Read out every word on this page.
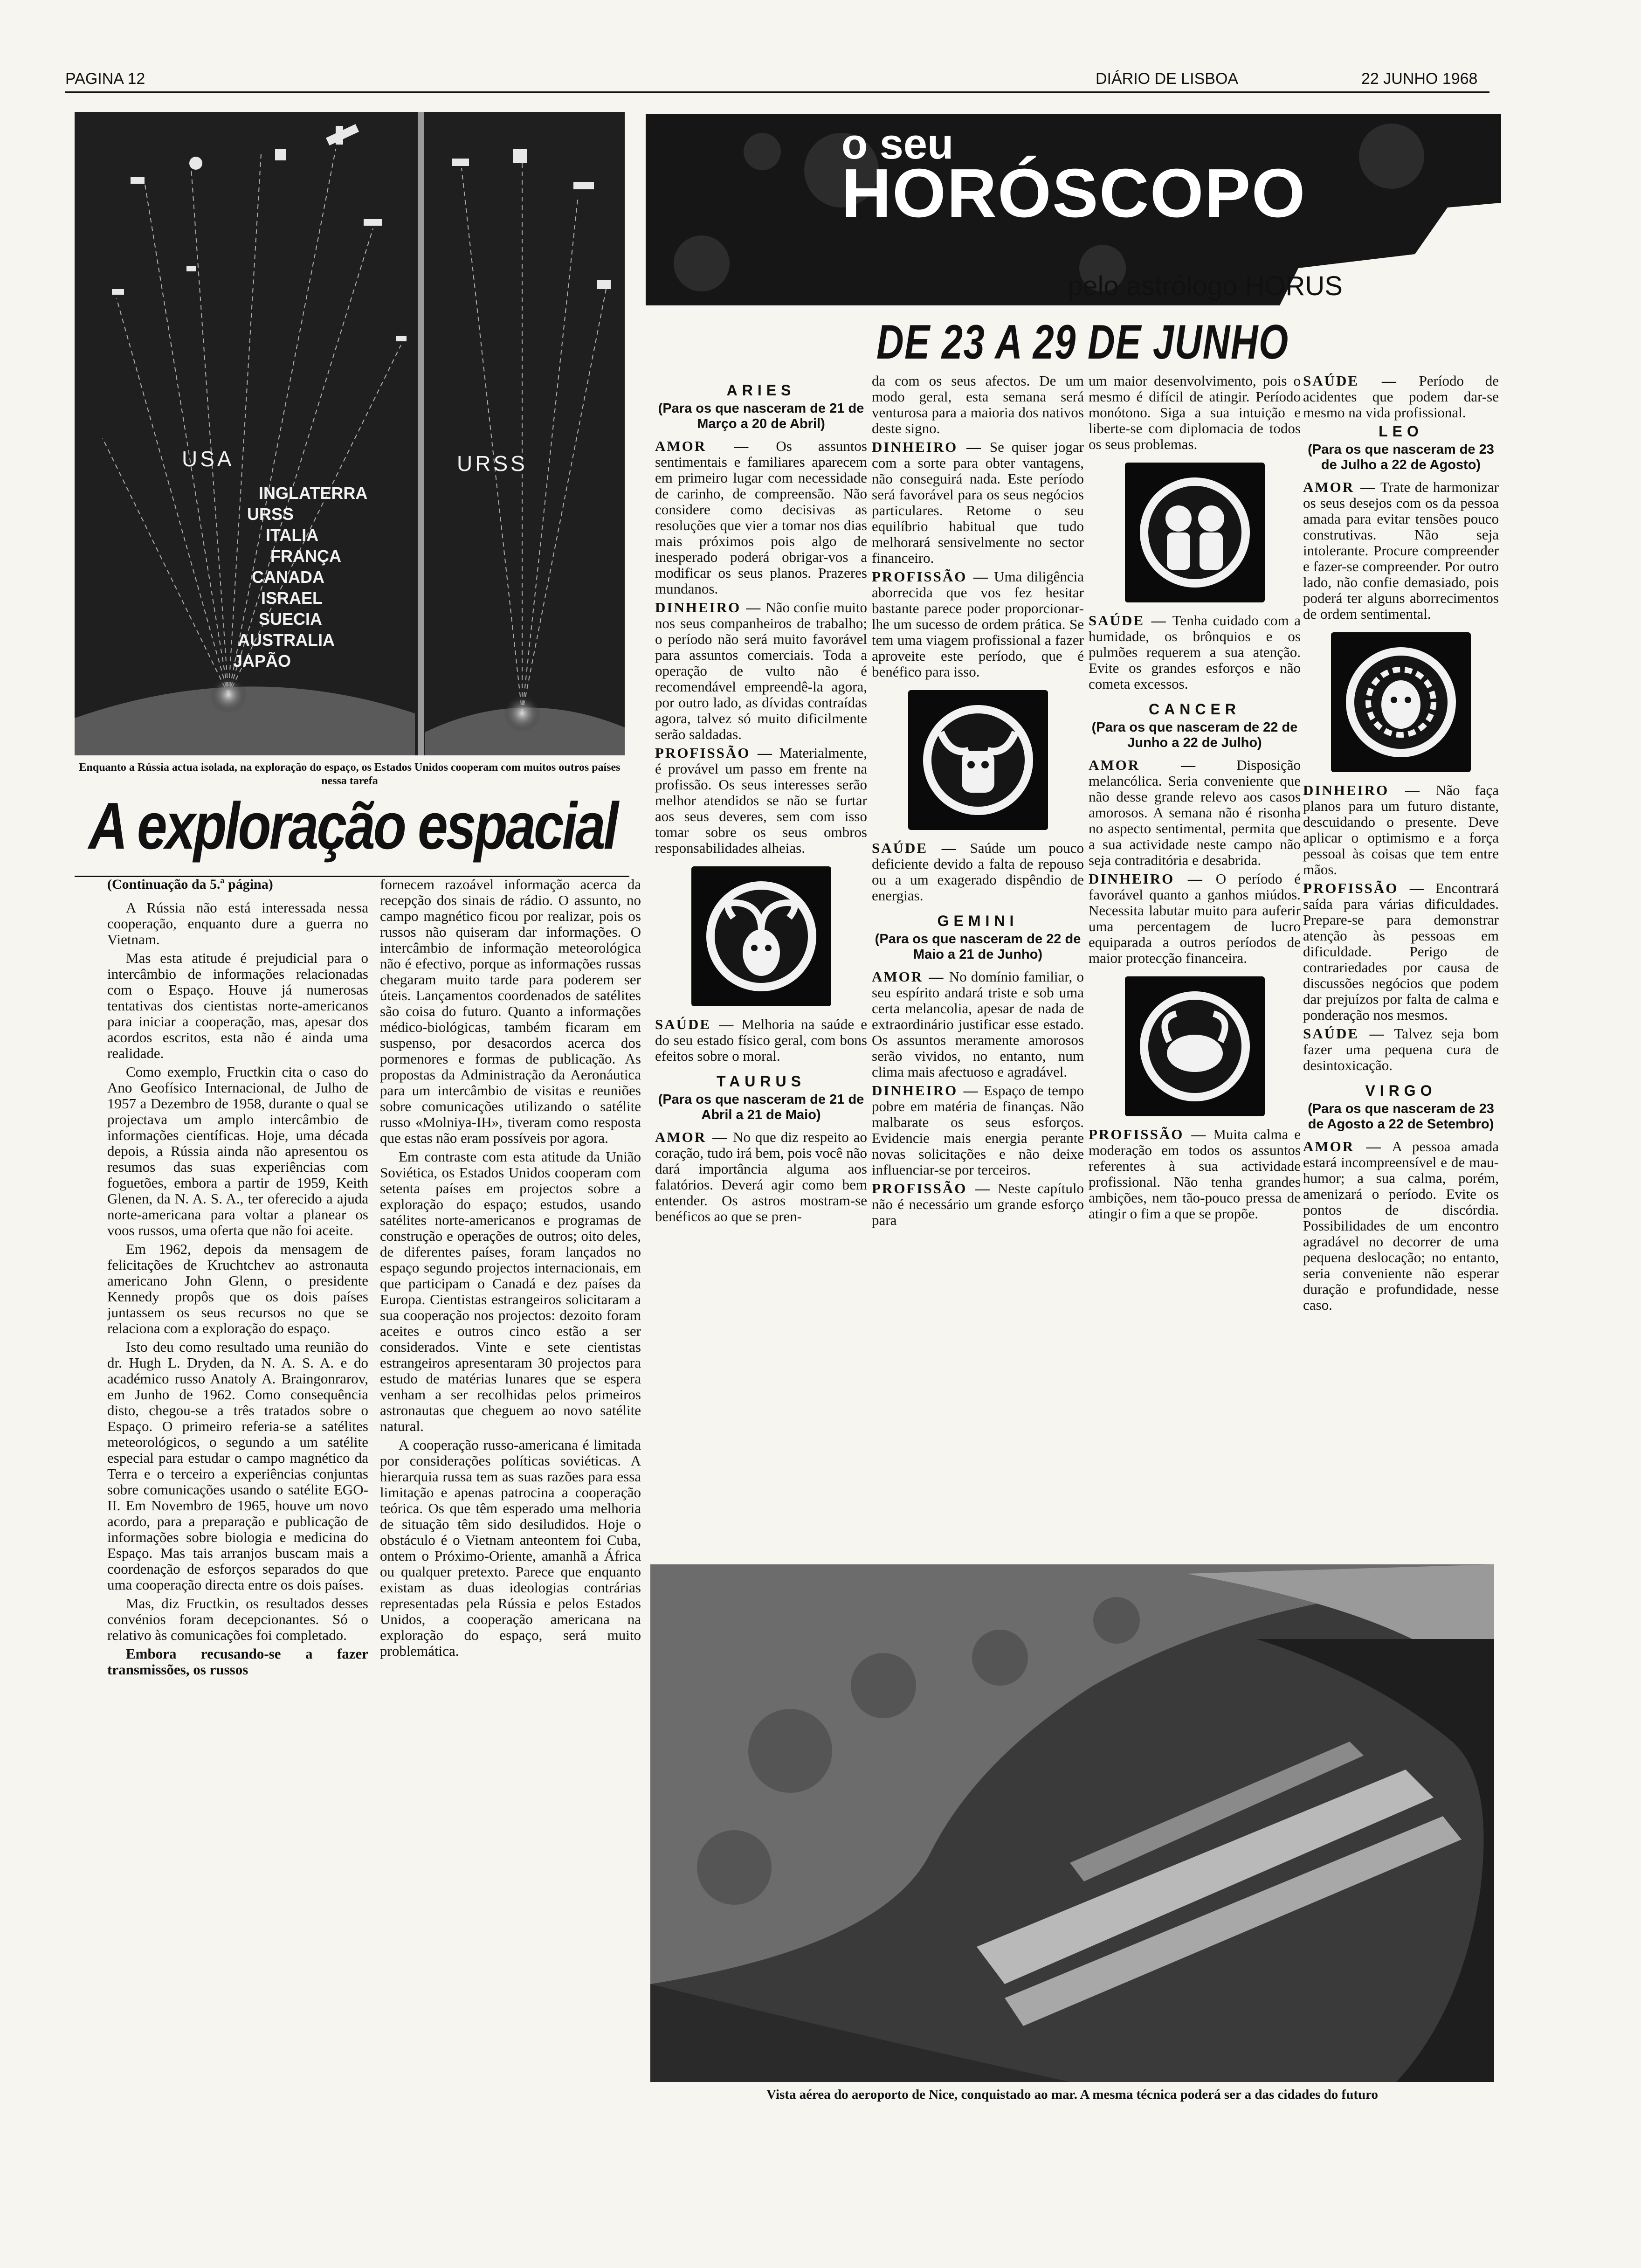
PAGINA 12	DIÁRIO DE LISBOA	22 JUNHO 1968
USA	URSS
INGLATERRA
URSS
ITALIA
FRANÇA
CANADA
ISRAEL
SUECIA
AUSTRALIA
JAPÃO
Enquanto a Rússia actua isolada, na exploração do espaço, os Estados Unidos cooperam com muitos outros países nessa tarefa
A exploração espacial

(Continuação da 5.ª página)

A Rússia não está interessada nessa cooperação, enquanto dure a guerra no Vietnam.

Mas esta atitude é prejudicial para o intercâmbio de informações relacionadas com o Espaço. Houve já numerosas tentativas dos cientistas norte-americanos para iniciar a cooperação, mas, apesar dos acordos escritos, esta não é ainda uma realidade.

Como exemplo, Fructkin cita o caso do Ano Geofísico Internacional, de Julho de 1957 a Dezembro de 1958, durante o qual se projectava um amplo intercâmbio de informações científicas. Hoje, uma década depois, a Rússia ainda não apresentou os resumos das suas experiências com foguetões, embora a partir de 1959, Keith Glenen, da N. A. S. A., ter oferecido a ajuda norte-americana para voltar a planear os voos russos, uma oferta que não foi aceite.

Em 1962, depois da mensagem de felicitações de Kruchtchev ao astronauta americano John Glenn, o presidente Kennedy propôs que os dois países juntassem os seus recursos no que se relaciona com a exploração do espaço.

Isto deu como resultado uma reunião do dr. Hugh L. Dryden, da N. A. S. A. e do académico russo Anatoly A. Braingonrarov, em Junho de 1962. Como consequência disto, chegou-se a três tratados sobre o Espaço. O primeiro referia-se a satélites meteorológicos, o segundo a um satélite especial para estudar o campo magnético da Terra e o terceiro a experiências conjuntas sobre comunicações usando o satélite EGO-II. Em Novembro de 1965, houve um novo acordo, para a preparação e publicação de informações sobre biologia e medicina do Espaço. Mas tais arranjos buscam mais a coordenação de esforços separados do que uma cooperação directa entre os dois países.

Mas, diz Fructkin, os resultados desses convénios foram decepcionantes. Só o relativo às comunicações foi completado.

Embora recusando-se a fazer transmissões, os russos

fornecem razoável informação acerca da recepção dos sinais de rádio. O assunto, no campo magnético ficou por realizar, pois os russos não quiseram dar informações. O intercâmbio de informação meteorológica não é efectivo, porque as informações russas chegaram muito tarde para poderem ser úteis. Lançamentos coordenados de satélites são coisa do futuro. Quanto a informações médico-biológicas, também ficaram em suspenso, por desacordos acerca dos pormenores e formas de publicação. As propostas da Administração da Aeronáutica para um intercâmbio de visitas e reuniões sobre comunicações utilizando o satélite russo «Molniya-IH», tiveram como resposta que estas não eram possíveis por agora.

Em contraste com esta atitude da União Soviética, os Estados Unidos cooperam com setenta países em projectos sobre a exploração do espaço; estudos, usando satélites norte-americanos e programas de construção e operações de outros; oito deles, de diferentes países, foram lançados no espaço segundo projectos internacionais, em que participam o Canadá e dez países da Europa. Cientistas estrangeiros solicitaram a sua cooperação nos projectos: dezoito foram aceites e outros cinco estão a ser considerados. Vinte e sete cientistas estrangeiros apresentaram 30 projectos para estudo de matérias lunares que se espera venham a ser recolhidas pelos primeiros astronautas que cheguem ao novo satélite natural.

A cooperação russo-americana é limitada por considerações políticas soviéticas. A hierarquia russa tem as suas razões para essa limitação e apenas patrocina a cooperação teórica. Os que têm esperado uma melhoria de situação têm sido desiludidos. Hoje o obstáculo é o Vietnam anteontem foi Cuba, ontem o Próximo-Oriente, amanhã a África ou qualquer pretexto. Parece que enquanto existam as duas ideologias contrárias representadas pela Rússia e pelos Estados Unidos, a cooperação americana na exploração do espaço, será muito problemática.

o seu
HORÓSCOPO
pelo astrólogo HORUS
DE 23 A 29 DE JUNHO
ARIES
(Para os que nasceram de 21 de Março a 20 de Abril)

AMOR — Os assuntos sentimentais e familiares aparecem em primeiro lugar com necessidade de carinho, de compreensão. Não considere como decisivas as resoluções que vier a tomar nos dias mais próximos pois algo de inesperado poderá obrigar-vos a modificar os seus planos. Prazeres mundanos.

DINHEIRO — Não confie muito nos seus companheiros de trabalho; o período não será muito favorável para assuntos comerciais. Toda a operação de vulto não é recomendável empreendê-la agora, por outro lado, as dívidas contraídas agora, talvez só muito dificilmente serão saldadas.

PROFISSÃO — Materialmente, é provável um passo em frente na profissão. Os seus interesses serão melhor atendidos se não se furtar aos seus deveres, sem com isso tomar sobre os seus ombros responsabilidades alheias.

SAÚDE — Melhoria na saúde e do seu estado físico geral, com bons efeitos sobre o moral.

TAURUS
(Para os que nasceram de 21 de Abril a 21 de Maio)

AMOR — No que diz respeito ao coração, tudo irá bem, pois você não dará importância alguma aos falatórios. Deverá agir como bem entender. Os astros mostram-se benéficos ao que se pren-

da com os seus afectos. De um modo geral, esta semana será venturosa para a maioria dos nativos deste signo.

DINHEIRO — Se quiser jogar com a sorte para obter vantagens, não conseguirá nada. Este período será favorável para os seus negócios particulares. Retome o seu equilíbrio habitual que tudo melhorará sensivelmente no sector financeiro.

PROFISSÃO — Uma diligência aborrecida que vos fez hesitar bastante parece poder proporcionar-lhe um sucesso de ordem prática. Se tem uma viagem profissional a fazer aproveite este período, que é benéfico para isso.

SAÚDE — Saúde um pouco deficiente devido a falta de repouso ou a um exagerado dispêndio de energias.

GEMINI
(Para os que nasceram de 22 de Maio a 21 de Junho)

AMOR — No domínio familiar, o seu espírito andará triste e sob uma certa melancolia, apesar de nada de extraordinário justificar esse estado. Os assuntos meramente amorosos serão vividos, no entanto, num clima mais afectuoso e agradável.

DINHEIRO — Espaço de tempo pobre em matéria de finanças. Não malbarate os seus esforços. Evidencie mais energia perante novas solicitações e não deixe influenciar-se por terceiros.

PROFISSÃO — Neste capítulo não é necessário um grande esforço para

um maior desenvolvimento, pois o mesmo é difícil de atingir. Período monótono. Siga a sua intuição e liberte-se com diplomacia de todos os seus problemas.

SAÚDE — Tenha cuidado com a humidade, os brônquios e os pulmões requerem a sua atenção. Evite os grandes esforços e não cometa excessos.

CANCER
(Para os que nasceram de 22 de Junho a 22 de Julho)

AMOR —	Disposição melancólica. Seria conveniente que não desse grande relevo aos casos amorosos. A semana não é risonha no aspecto sentimental, permita que a sua actividade neste campo não seja contraditória e desabrida.

DINHEIRO — O período é favorável quanto a ganhos miúdos. Necessita labutar muito para auferir uma percentagem de lucro equiparada a outros períodos de maior protecção financeira.

PROFISSÃO — Muita calma e moderação em todos os assuntos referentes à sua actividade profissional. Não tenha grandes ambições, nem tão-pouco pressa de atingir o fim a que se propõe.

SAÚDE — Período de acidentes que podem dar-se mesmo na vida profissional.

LEO
(Para os que nasceram de 23 de Julho a 22 de Agosto)

AMOR — Trate de harmonizar os seus desejos com os da pessoa amada para evitar tensões pouco construtivas. Não seja intolerante. Procure compreender e fazer-se compreender. Por outro lado, não confie demasiado, pois poderá ter alguns aborrecimentos de ordem sentimental.

DINHEIRO — Não faça planos para um futuro distante, descuidando o presente. Deve aplicar o optimismo e a força pessoal às coisas que tem entre mãos.

PROFISSÃO — Encontrará saída para várias dificuldades. Prepare-se para demonstrar atenção às pessoas em dificuldade. Perigo de contrariedades por causa de discussões negócios que podem dar prejuízos por falta de calma e ponderação nos mesmos.

SAÚDE — Talvez seja bom fazer uma pequena cura de desintoxicação.

VIRGO
(Para os que nasceram de 23 de Agosto a 22 de Setembro)

AMOR — A pessoa amada estará incompreensível e de mau-humor; a sua calma, porém, amenizará o período. Evite os pontos de discórdia. Possibilidades de um encontro agradável no decorrer de uma pequena deslocação; no entanto, seria conveniente não esperar duração e profundidade, nesse caso.

Vista aérea do aeroporto de Nice, conquistado ao mar. A mesma técnica poderá ser a das cidades do futuro
